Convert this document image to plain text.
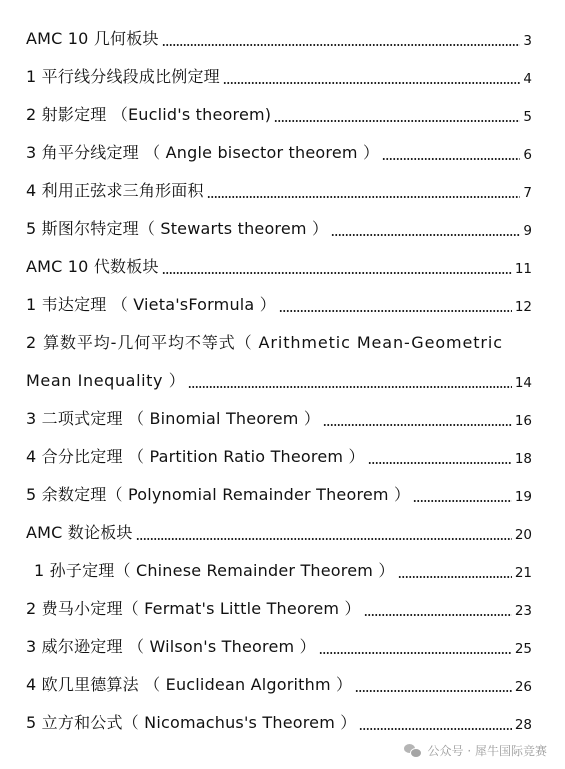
AMC 10 几何板块	3
1 平行线分线段成比例定理	4
2 射影定理 （Euclid's theorem)	5
3 角平分线定理 （ Angle bisector theorem ）	6
4 利用正弦求三角形面积	7
5 斯图尔特定理（ Stewarts theorem ）	9
AMC 10 代数板块	11
1 韦达定理 （ Vieta'sFormula ）	12
2 算数平均-几何平均不等式（ Arithmetic Mean-Geometric
Mean Inequality ）	14
3 二项式定理 （ Binomial Theorem ）	16
4 合分比定理 （ Partition Ratio Theorem ）	18
5 余数定理（ Polynomial Remainder Theorem ）	19
AMC 数论板块	20
1 孙子定理（ Chinese Remainder Theorem ）	21
2 费马小定理（ Fermat's Little Theorem ）	23
3 威尔逊定理 （ Wilson's Theorem ）	25
4 欧几里德算法 （ Euclidean Algorithm ）	26
5 立方和公式（ Nicomachus's Theorem ）	28
公众号 · 犀牛国际竞赛
